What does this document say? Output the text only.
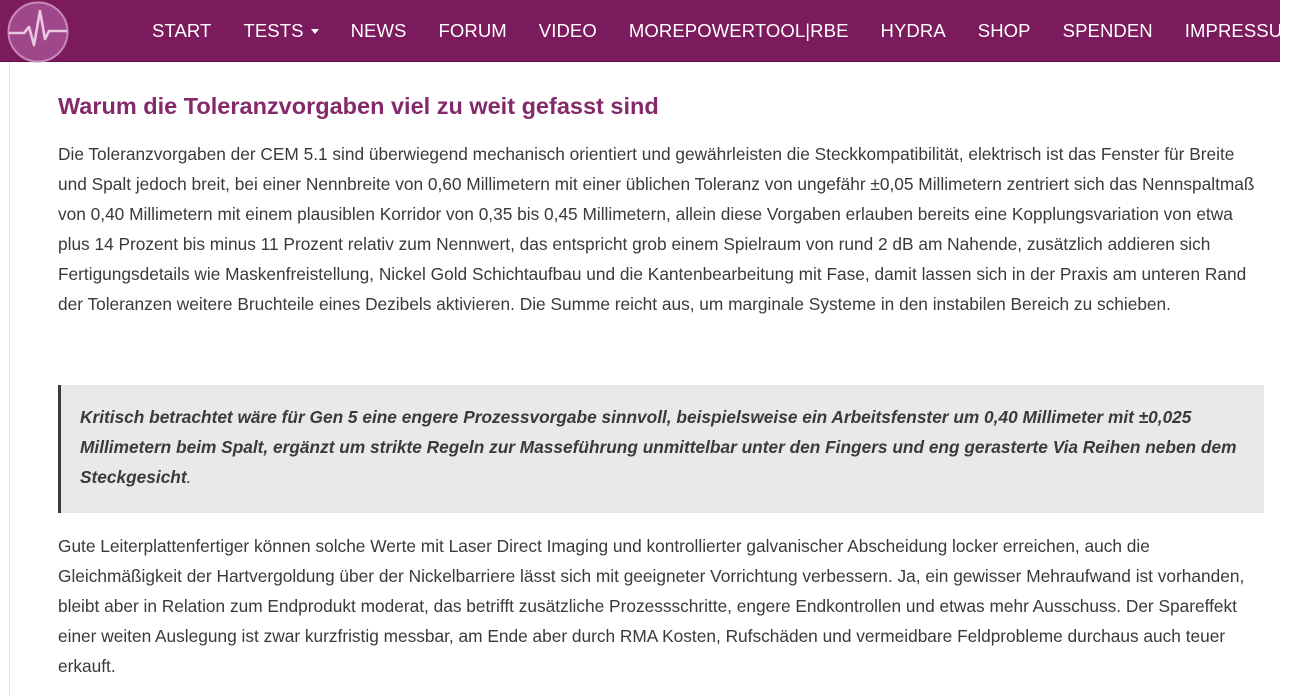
START TESTS	NEWS FORUM VIDEO MOREPOWERTOOL|RBE HYDRA SHOP SPENDEN IMPRESSUM
Warum die Toleranzvorgaben viel zu weit gefasst sind

Die Toleranzvorgaben der CEM 5.1 sind überwiegend mechanisch orientiert und gewährleisten die Steckkompatibilität, elektrisch ist das Fenster für Breite und Spalt jedoch breit, bei einer Nennbreite von 0,60 Millimetern mit einer üblichen Toleranz von ungefähr ±0,05 Millimetern zentriert sich das Nennspaltmaß von 0,40 Millimetern mit einem plausiblen Korridor von 0,35 bis 0,45 Millimetern, allein diese Vorgaben erlauben bereits eine Kopplungsvariation von etwa plus 14 Prozent bis minus 11 Prozent relativ zum Nennwert, das entspricht grob einem Spielraum von rund 2 dB am Nahende, zusätzlich addieren sich Fertigungsdetails wie Maskenfreistellung, Nickel Gold Schichtaufbau und die Kantenbearbeitung mit Fase, damit lassen sich in der Praxis am unteren Rand der Toleranzen weitere Bruchteile eines Dezibels aktivieren. Die Summe reicht aus, um marginale Systeme in den instabilen Bereich zu schieben.

Kritisch betrachtet wäre für Gen 5 eine engere Prozessvorgabe sinnvoll, beispielsweise ein Arbeitsfenster um 0,40 Millimeter mit ±0,025 Millimetern beim Spalt, ergänzt um strikte Regeln zur Masseführung unmittelbar unter den Fingers und eng gerasterte Via Reihen neben dem Steckgesicht.

Gute Leiterplattenfertiger können solche Werte mit Laser Direct Imaging und kontrollierter galvanischer Abscheidung locker erreichen, auch die Gleichmäßigkeit der Hartvergoldung über der Nickelbarriere lässt sich mit geeigneter Vorrichtung verbessern. Ja, ein gewisser Mehraufwand ist vorhanden, bleibt aber in Relation zum Endprodukt moderat, das betrifft zusätzliche Prozessschritte, engere Endkontrollen und etwas mehr Ausschuss. Der Spareffekt einer weiten Auslegung ist zwar kurzfristig messbar, am Ende aber durch RMA Kosten, Rufschäden und vermeidbare Feldprobleme durchaus auch teuer erkauft.
